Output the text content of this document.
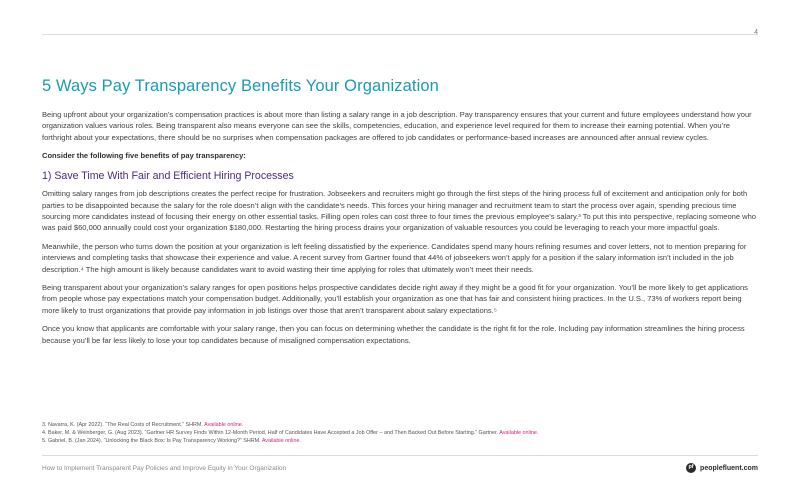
4
5 Ways Pay Transparency Benefits Your Organization

Being upfront about your organization’s compensation practices is about more than listing a salary range in a job description. Pay transparency ensures that your current and future employees understand how your organization values various roles. Being transparent also means everyone can see the skills, competencies, education, and experience level required for them to increase their earning potential. When you’re forthright about your expectations, there should be no surprises when compensation packages are offered to job candidates or performance-based increases are announced after annual review cycles.

Consider the following five benefits of pay transparency:

1) Save Time With Fair and Efficient Hiring Processes

Omitting salary ranges from job descriptions creates the perfect recipe for frustration. Jobseekers and recruiters might go through the first steps of the hiring process full of excitement and anticipation only for both parties to be disappointed because the salary for the role doesn’t align with the candidate’s needs. This forces your hiring manager and recruitment team to start the process over again, spending precious time sourcing more candidates instead of focusing their energy on other essential tasks. Filling open roles can cost three to four times the previous employee’s salary.³ To put this into perspective, replacing someone who was paid $60,000 annually could cost your organization $180,000. Restarting the hiring process drains your organization of valuable resources you could be leveraging to reach your more impactful goals.

Meanwhile, the person who turns down the position at your organization is left feeling dissatisfied by the experience. Candidates spend many hours refining resumes and cover letters, not to mention preparing for interviews and completing tasks that showcase their experience and value. A recent survey from Gartner found that 44% of jobseekers won’t apply for a position if the salary information isn’t included in the job description.⁴ The high amount is likely because candidates want to avoid wasting their time applying for roles that ultimately won’t meet their needs.

Being transparent about your organization’s salary ranges for open positions helps prospective candidates decide right away if they might be a good fit for your organization. You’ll be more likely to get applications from people whose pay expectations match your compensation budget. Additionally, you’ll establish your organization as one that has fair and consistent hiring practices. In the U.S., 73% of workers report being more likely to trust organizations that provide pay information in job listings over those that aren’t transparent about salary expectations.⁵

Once you know that applicants are comfortable with your salary range, then you can focus on determining whether the candidate is the right fit for the role. Including pay information streamlines the hiring process because you’ll be far less likely to lose your top candidates because of misaligned compensation expectations.

3. Navarra, K. (Apr 2022). “The Real Costs of Recruitment.” SHRM. Available online.
4. Baker, M. & Weinberger, G. (Aug 2023). “Gartner HR Survey Finds Within 12-Month Period, Half of Candidates Have Accepted a Job Offer – and Then Backed Out Before Starting.” Gartner. Available online.
5. Gabriel, B. (Jan 2024). “Unlocking the Black Box: Is Pay Transparency Working?” SHRM. Available online.
How to Implement Transparent Pay Policies and Improve Equity in Your Organization	pf peoplefluent.com
